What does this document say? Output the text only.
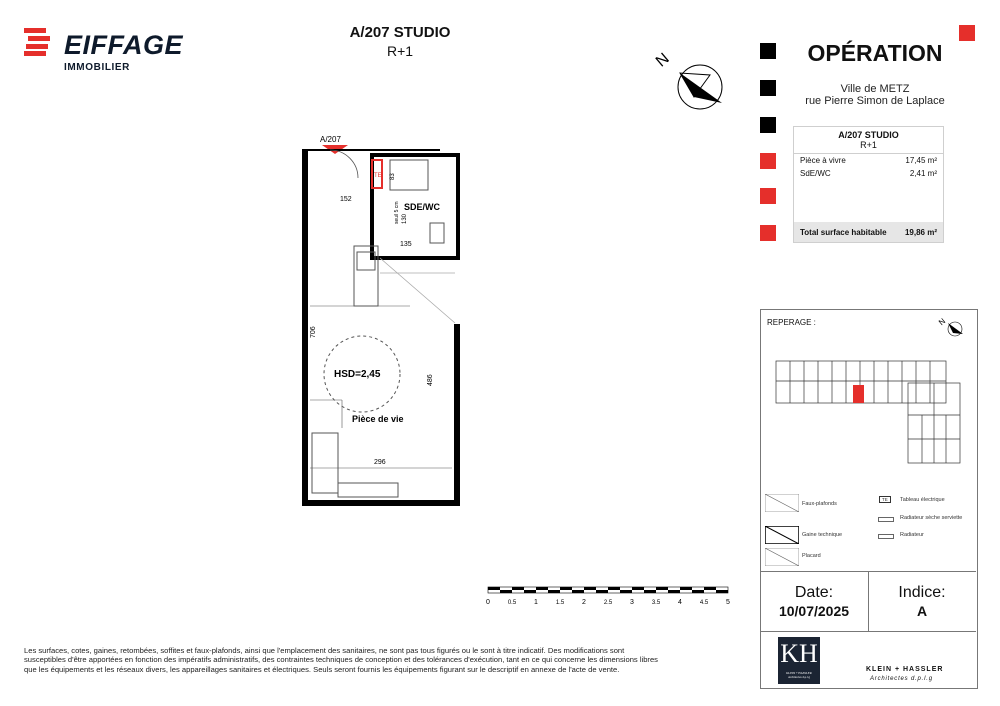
EIFFAGE
IMMOBILIER
A/207 STUDIO
R+1	N	OPÉRATION
Ville de METZ
rue Pierre Simon de Laplace
A/207 STUDIO
R+1
Pièce à vivre	17,45 m²
SdE/WC	2,41 m²
Total surface habitable 19,86 m²
A/207
TE
SDE/WC
83
130
seuil 5 cm
135
152
706
486
296
HSD=2,45
Pièce de vie
0	0.5	1	1.5	2	2.5	3	3.5	4	4.5	5
Les surfaces, cotes, gaines, retombées, soffites et faux-plafonds, ainsi que l'emplacement des sanitaires, ne sont pas tous figurés ou le sont à titre indicatif. Des modifications sont susceptibles d'être apportées en fonction des impératifs administratifs, des contraintes techniques de conception et des tolérances d'exécution, tant en ce qui concerne les dimensions libres que les équipements et les réseaux divers, les appareillages sanitaires et électriques. Seuls seront fournis les équipements figurant sur le descriptif en annexe de l'acte de vente.
REPERAGE :	N
Faux-plafonds
Gaine technique
Placard
TE	Tableau électrique
Radiateur sèche serviette
Radiateur
Date:
10/07/2025
Indice:
A
KH
KLEIN + HASSLER
Architectes d.p.l.g
KLEIN + HASSLER
Architectes d.p.l.g
